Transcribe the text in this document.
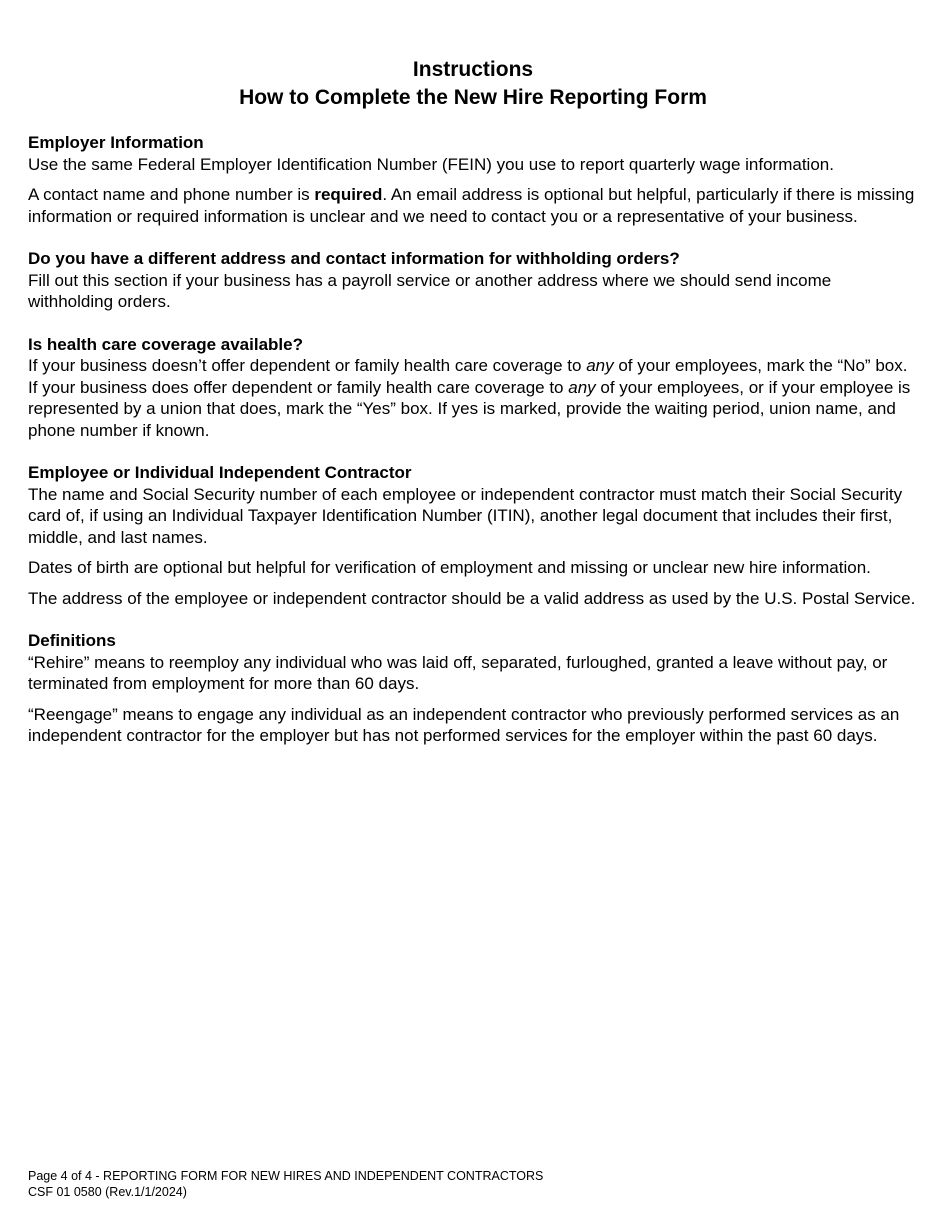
Instructions
How to Complete the New Hire Reporting Form
Employer Information

Use the same Federal Employer Identification Number (FEIN) you use to report quarterly wage information.

A contact name and phone number is required. An email address is optional but helpful, particularly if there is missing information or required information is unclear and we need to contact you or a representative of your business.

Do you have a different address and contact information for withholding orders?

Fill out this section if your business has a payroll service or another address where we should send income withholding orders.

Is health care coverage available?

If your business doesn’t offer dependent or family health care coverage to any of your employees, mark the “No” box. If your business does offer dependent or family health care coverage to any of your employees, or if your employee is represented by a union that does, mark the “Yes” box. If yes is marked, provide the waiting period, union name, and phone number if known.

Employee or Individual Independent Contractor

The name and Social Security number of each employee or independent contractor must match their Social Security card of, if using an Individual Taxpayer Identification Number (ITIN), another legal document that includes their first, middle, and last names.

Dates of birth are optional but helpful for verification of employment and missing or unclear new hire information.

The address of the employee or independent contractor should be a valid address as used by the U.S. Postal Service.

Definitions

“Rehire” means to reemploy any individual who was laid off, separated, furloughed, granted a leave without pay, or terminated from employment for more than 60 days.

“Reengage” means to engage any individual as an independent contractor who previously performed services as an independent contractor for the employer but has not performed services for the employer within the past 60 days.

Page 4 of 4 - REPORTING FORM FOR NEW HIRES AND INDEPENDENT CONTRACTORS
CSF 01 0580 (Rev.1/1/2024)
